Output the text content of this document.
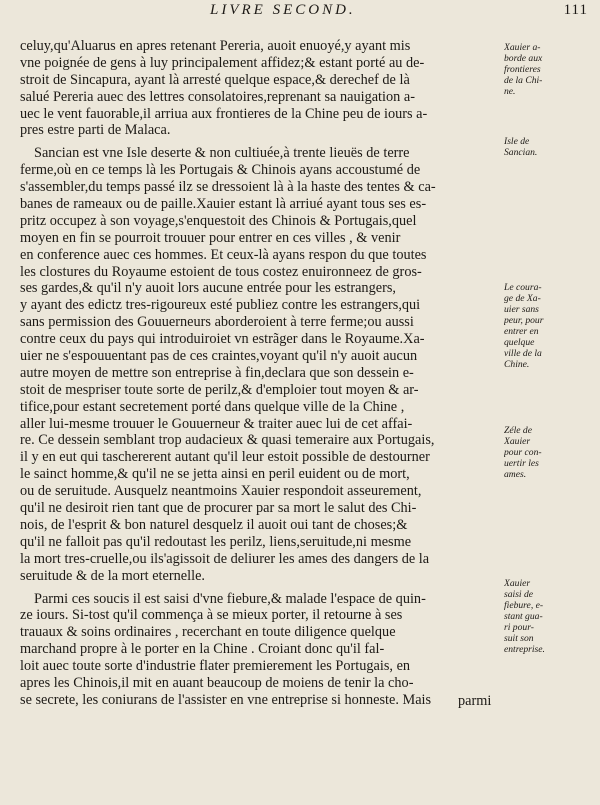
LIVRE SECOND.	111
celuy,qu'Aluarus en apres retenant Pereria, auoit enuoyé,y ayant mis
vne poignée de gens à luy principalement affidez;& estant porté au de-
stroit de Sincapura, ayant là arresté quelque espace,& derechef de là
salué Pereria auec des lettres consolatoires,reprenant sa nauigation a-
uec le vent fauorable,il arriua aux frontieres de la Chine peu de iours a-
pres estre parti de Malaca.
Sancian est vne Isle deserte & non cultiuée,à trente lieuës de terre
ferme,où en ce temps là les Portugais & Chinois ayans accoustumé de
s'assembler,du temps passé ilz se dressoient là à la haste des tentes & ca-
banes de rameaux ou de paille.Xauier estant là arriué ayant tous ses es-
pritz occupez à son voyage,s'enquestoit des Chinois & Portugais,quel
moyen en fin se pourroit trouuer pour entrer en ces villes , & venir
en conference auec ces hommes. Et ceux-là ayans respon du que toutes
les clostures du Royaume estoient de tous costez enuironneez de gros-
ses gardes,& qu'il n'y auoit lors aucune entrée pour les estrangers,
y ayant des edictz tres-rigoureux esté publiez contre les estrangers,qui
sans permission des Gouuerneurs aborderoient à terre ferme;ou aussi
contre ceux du pays qui introduiroiet vn estrãger dans le Royaume.Xa-
uier ne s'espouuentant pas de ces craintes,voyant qu'il n'y auoit aucun
autre moyen de mettre son entreprise à fin,declara que son dessein e-
stoit de mespriser toute sorte de perilz,& d'emploier tout moyen & ar-
tifice,pour estant secretement porté dans quelque ville de la Chine ,
aller lui-mesme trouuer le Gouuerneur & traiter auec lui de cet affai-
re. Ce dessein semblant trop audacieux & quasi temeraire aux Portugais,
il y en eut qui taschererent autant qu'il leur estoit possible de destourner
le sainct homme,& qu'il ne se jetta ainsi en peril euident ou de mort,
ou de seruitude. Ausquelz neantmoins Xauier respondoit asseurement,
qu'il ne desiroit rien tant que de procurer par sa mort le salut des Chi-
nois, de l'esprit & bon naturel desquelz il auoit oui tant de choses;&
qu'il ne falloit pas qu'il redoutast les perilz, liens,seruitude,ni mesme
la mort tres-cruelle,ou ils'agissoit de deliurer les ames des dangers de la
seruitude & de la mort eternelle.
Parmi ces soucis il est saisi d'vne fiebure,& malade l'espace de quin-
ze iours. Si-tost qu'il commença à se mieux porter, il retourne à ses
trauaux & soins ordinaires , recerchant en toute diligence quelque
marchand propre à le porter en la Chine . Croiant donc qu'il fal-
loit auec toute sorte d'industrie flater premierement les Portugais, en
apres les Chinois,il mit en auant beaucoup de moiens de tenir la cho-
se secrete, les coniurans de l'assister en vne entreprise si honneste. Mais	parmi
Xauier a-
borde aux
frontieres
de la Chi-
ne.
Isle de
Sancian.
Le coura-
ge de Xa-
uier sans
peur, pour
entrer en
quelque
ville de la
Chine.
Zéle de
Xauier
pour con-
uertir les
ames.
Xauier
saisi de
fiebure, e-
stant gua-
ri pour-
suit son
entreprise.
